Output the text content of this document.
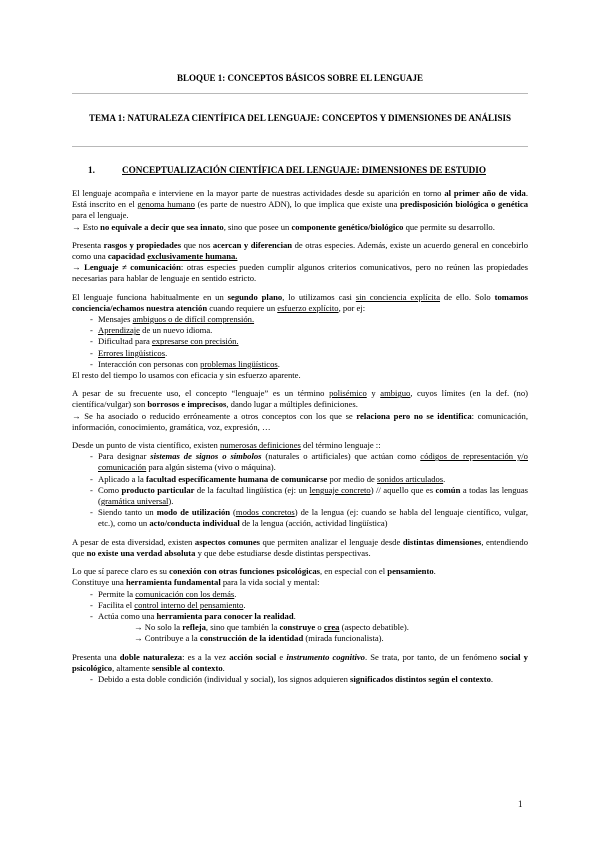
BLOQUE 1: CONCEPTOS BÁSICOS SOBRE EL LENGUAJE
TEMA 1: NATURALEZA CIENTÍFICA DEL LENGUAJE: CONCEPTOS Y DIMENSIONES DE ANÁLISIS
1.	CONCEPTUALIZACIÓN CIENTÍFICA DEL LENGUAJE: DIMENSIONES DE ESTUDIO

El lenguaje acompaña e interviene en la mayor parte de nuestras actividades desde su aparición en torno al primer año de vida. Está inscrito en el genoma humano (es parte de nuestro ADN), lo que implica que existe una predisposición biológica o genética para el lenguaje.
→ Esto no equivale a decir que sea innato, sino que posee un componente genético/biológico que permite su desarrollo.

Presenta rasgos y propiedades que nos acercan y diferencian de otras especies. Además, existe un acuerdo general en concebirlo como una capacidad exclusivamente humana.
→ Lenguaje ≠ comunicación: otras especies pueden cumplir algunos criterios comunicativos, pero no reúnen las propiedades necesarias para hablar de lenguaje en sentido estricto.

El lenguaje funciona habitualmente en un segundo plano, lo utilizamos casi sin conciencia explícita de ello. Solo tomamos conciencia/echamos nuestra atención cuando requiere un esfuerzo explícito, por ej:

- Mensajes ambiguos o de difícil comprensión.
- Aprendizaje de un nuevo idioma.
- Dificultad para expresarse con precisión.
- Errores lingüísticos.
- Interacción con personas con problemas lingüísticos.

El resto del tiempo lo usamos con eficacia y sin esfuerzo aparente.

A pesar de su frecuente uso, el concepto “lenguaje” es un término polisémico y ambiguo, cuyos límites (en la def. (no) científica/vulgar) son borrosos e imprecisos, dando lugar a múltiples definiciones.
→ Se ha asociado o reducido erróneamente a otros conceptos con los que se relaciona pero no se identifica: comunicación, información, conocimiento, gramática, voz, expresión, …

Desde un punto de vista científico, existen numerosas definiciones del término lenguaje ::

- Para designar sistemas de signos o símbolos (naturales o artificiales) que actúan como códigos de representación y/o comunicación para algún sistema (vivo o máquina).
- Aplicado a la facultad específicamente humana de comunicarse por medio de sonidos articulados.
- Como producto particular de la facultad lingüística (ej: un lenguaje concreto) // aquello que es común a todas las lenguas (gramática universal).
- Siendo tanto un modo de utilización (modos concretos) de la lengua (ej: cuando se habla del lenguaje científico, vulgar, etc.), como un acto/conducta individual de la lengua (acción, actividad lingüística)

A pesar de esta diversidad, existen aspectos comunes que permiten analizar el lenguaje desde distintas dimensiones, entendiendo que no existe una verdad absoluta y que debe estudiarse desde distintas perspectivas.

Lo que sí parece claro es su conexión con otras funciones psicológicas, en especial con el pensamiento.
Constituye una herramienta fundamental para la vida social y mental:

- Permite la comunicación con los demás.
- Facilita el control interno del pensamiento.
- Actúa como una herramienta para conocer la realidad.
→ No solo la refleja, sino que también la construye o crea (aspecto debatible).
→ Contribuye a la construcción de la identidad (mirada funcionalista).

Presenta una doble naturaleza: es a la vez acción social e instrumento cognitivo. Se trata, por tanto, de un fenómeno social y psicológico, altamente sensible al contexto.

- Debido a esta doble condición (individual y social), los signos adquieren significados distintos según el contexto.
1
